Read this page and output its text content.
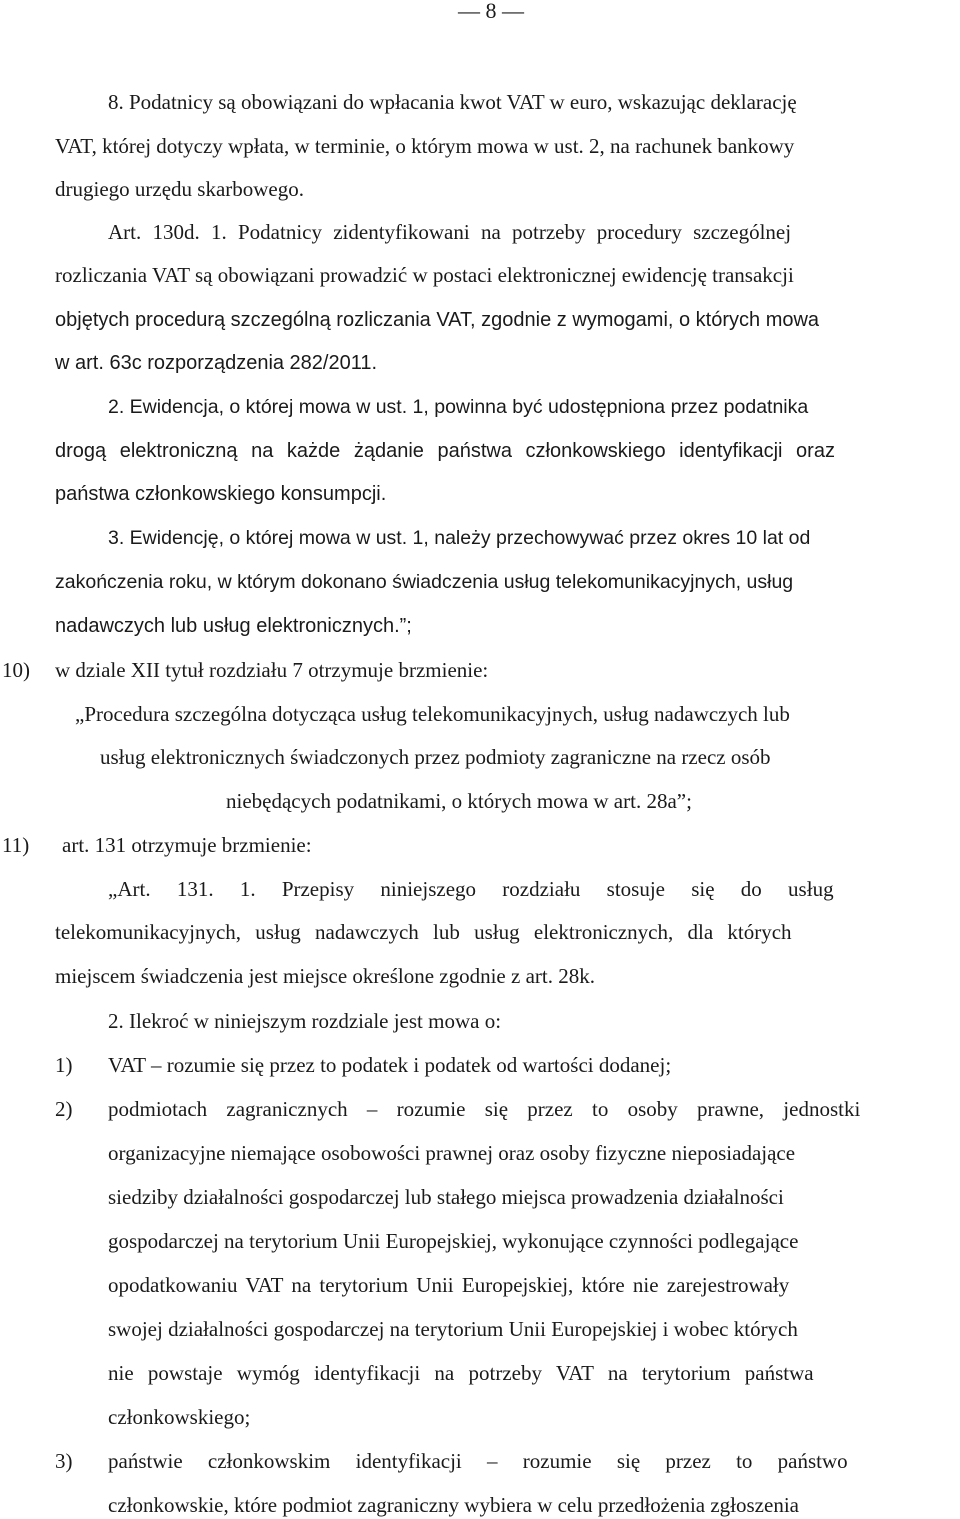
— 8 —
8. Podatnicy są obowiązani do wpłacania kwot VAT w euro, wskazując deklarację
VAT, której dotyczy wpłata, w terminie, o którym mowa w ust. 2, na rachunek bankowy
drugiego urzędu skarbowego.
Art. 130d. 1. Podatnicy zidentyfikowani na potrzeby procedury szczególnej
rozliczania VAT są obowiązani prowadzić w postaci elektronicznej ewidencję transakcji
objętych procedurą szczególną rozliczania VAT, zgodnie z wymogami, o których mowa
w art. 63c rozporządzenia 282/2011.
2. Ewidencja, o której mowa w ust. 1, powinna być udostępniona przez podatnika
drogą elektroniczną na każde żądanie państwa członkowskiego identyfikacji oraz
państwa członkowskiego konsumpcji.
3. Ewidencję, o której mowa w ust. 1, należy przechowywać przez okres 10 lat od
zakończenia roku, w którym dokonano świadczenia usług telekomunikacyjnych, usług
nadawczych lub usług elektronicznych.”;
10) w dziale XII tytuł rozdziału 7 otrzymuje brzmienie:
„Procedura szczególna dotycząca usług telekomunikacyjnych, usług nadawczych lub
usług elektronicznych świadczonych przez podmioty zagraniczne na rzecz osób
niebędących podatnikami, o których mowa w art. 28a”;
11) art. 131 otrzymuje brzmienie:
„Art. 131. 1. Przepisy niniejszego rozdziału stosuje się do usług
telekomunikacyjnych, usług nadawczych lub usług elektronicznych, dla których
miejscem świadczenia jest miejsce określone zgodnie z art. 28k.
2. Ilekroć w niniejszym rozdziale jest mowa o:
1) VAT – rozumie się przez to podatek i podatek od wartości dodanej;
2) podmiotach zagranicznych – rozumie się przez to osoby prawne, jednostki
organizacyjne niemające osobowości prawnej oraz osoby fizyczne nieposiadające
siedziby działalności gospodarczej lub stałego miejsca prowadzenia działalności
gospodarczej na terytorium Unii Europejskiej, wykonujące czynności podlegające
opodatkowaniu VAT na terytorium Unii Europejskiej, które nie zarejestrowały
swojej działalności gospodarczej na terytorium Unii Europejskiej i wobec których
nie powstaje wymóg identyfikacji na potrzeby VAT na terytorium państwa
członkowskiego;
3) państwie członkowskim identyfikacji – rozumie się przez to państwo
członkowskie, które podmiot zagraniczny wybiera w celu przedłożenia zgłoszenia
